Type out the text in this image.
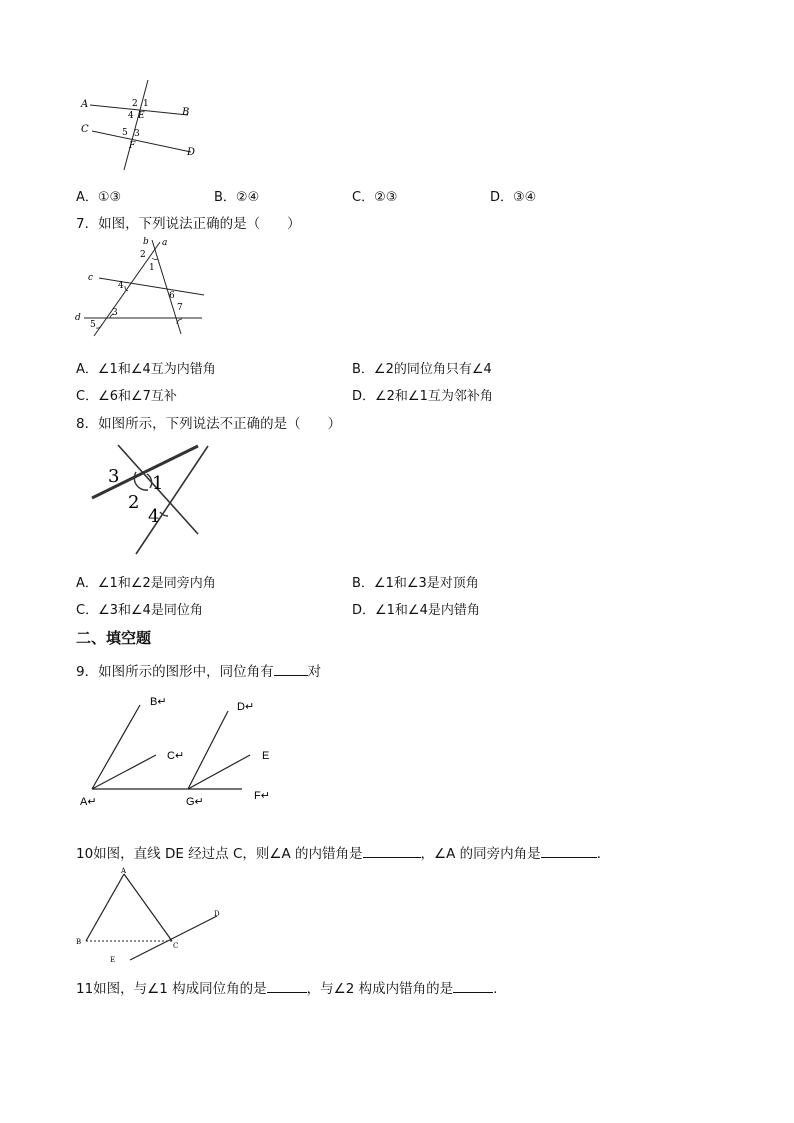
A
B
C
D
E
F
2 1
4
5 3
A．①③	B．②④	C．②③	D．③④
7．如图，下列说法正确的是（　　）
b a
2
1
c
4
6
7
3
d
5
A．∠1和∠4互为内错角	B．∠2的同位角只有∠4
C．∠6和∠7互补	D．∠2和∠1互为邻补角
8．如图所示，下列说法不正确的是（　　）
3 1
2
4
A．∠1和∠2是同旁内角	B．∠1和∠3是对顶角
C．∠3和∠4是同位角	D．∠1和∠4是内错角
二、填空题
9．如图所示的图形中，同位角有	对
B↵
C↵
D↵
E
A↵	G↵	F↵
10如图，直线 DE 经过点 C，则∠A 的内错角是	，∠A 的同旁内角是	．
A
B	C
D
E
11如图，与∠1 构成同位角的是	，与∠2 构成内错角的是	.
